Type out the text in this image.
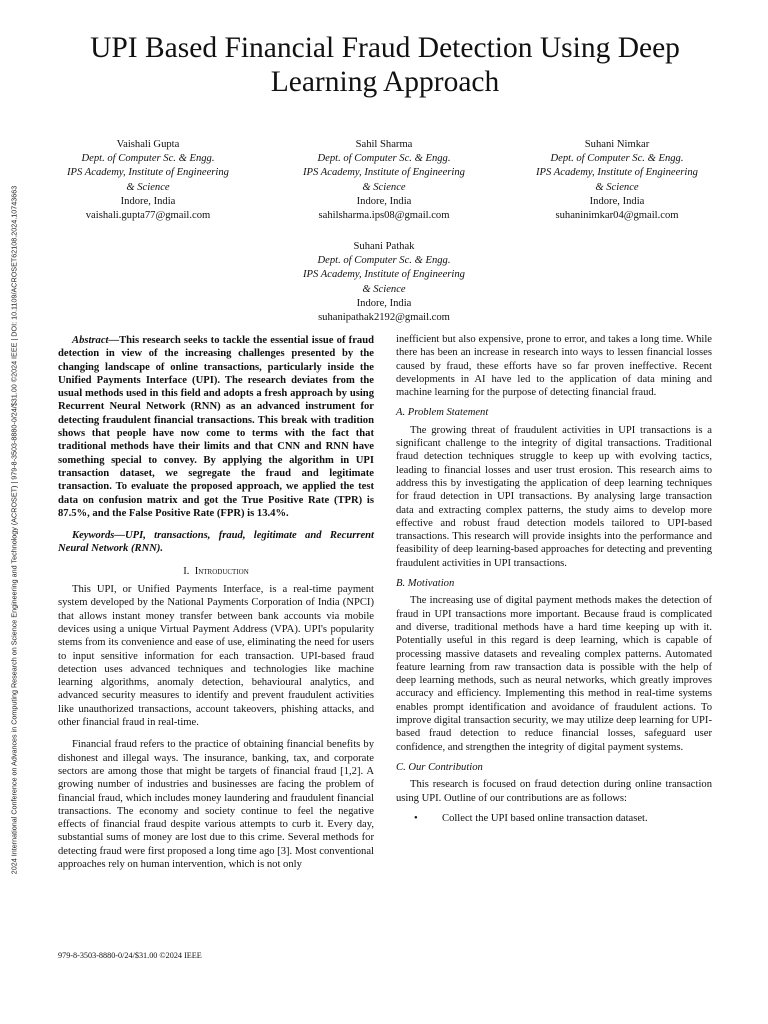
2024 International Conference on Advances in Computing Research on Science Engineering and Technology (ACROSET) | 979-8-3503-8880-0/24/$31.00 ©2024 IEEE | DOI: 10.1109/ACROSET62108.2024.10743663
UPI Based Financial Fraud Detection Using Deep
Learning Approach
Vaishali Gupta
Dept. of Computer Sc. & Engg.
IPS Academy, Institute of Engineering
& Science
Indore, India
vaishali.gupta77@gmail.com
Sahil Sharma
Dept. of Computer Sc. & Engg.
IPS Academy, Institute of Engineering
& Science
Indore, India
sahilsharma.ips08@gmail.com
Suhani Nimkar
Dept. of Computer Sc. & Engg.
IPS Academy, Institute of Engineering
& Science
Indore, India
suhaninimkar04@gmail.com
Suhani Pathak
Dept. of Computer Sc. & Engg.
IPS Academy, Institute of Engineering
& Science
Indore, India
suhanipathak2192@gmail.com

Abstract—This research seeks to tackle the essential issue of fraud detection in view of the increasing challenges presented by the changing landscape of online transactions, particularly inside the Unified Payments Interface (UPI). The research deviates from the usual methods used in this field and adopts a fresh approach by using Recurrent Neural Network (RNN) as an advanced instrument for detecting fraudulent financial transactions. This break with tradition shows that people have now come to terms with the fact that traditional methods have their limits and that CNN and RNN have something special to convey. By applying the algorithm in UPI transaction dataset, we segregate the fraud and legitimate transaction. To evaluate the proposed approach, we applied the test data on confusion matrix and got the True Positive Rate (TPR) is 87.5%, and the False Positive Rate (FPR) is 13.4%.

Keywords—UPI, transactions, fraud, legitimate and Recurrent Neural Network (RNN).

I. Introduction

This UPI, or Unified Payments Interface, is a real-time payment system developed by the National Payments Corporation of India (NPCI) that allows instant money transfer between bank accounts via mobile devices using a unique Virtual Payment Address (VPA). UPI's popularity stems from its convenience and ease of use, eliminating the need for users to input sensitive information for each transaction. UPI-based fraud detection uses advanced techniques and technologies like machine learning algorithms, anomaly detection, behavioural analytics, and advanced security measures to identify and prevent fraudulent activities like unauthorized transactions, account takeovers, phishing attacks, and other financial fraud in real-time.

Financial fraud refers to the practice of obtaining financial benefits by dishonest and illegal ways. The insurance, banking, tax, and corporate sectors are among those that might be targets of financial fraud [1,2]. A growing number of industries and businesses are facing the problem of financial fraud, which includes money laundering and fraudulent financial transactions. The economy and society continue to feel the negative effects of financial fraud despite various attempts to curb it. Every day, substantial sums of money are lost due to this crime. Several methods for detecting fraud were first proposed a long time ago [3]. Most conventional approaches rely on human intervention, which is not only

inefficient but also expensive, prone to error, and takes a long time. While there has been an increase in research into ways to lessen financial losses caused by fraud, these efforts have so far proven ineffective. Recent developments in AI have led to the application of data mining and machine learning for the purpose of detecting financial fraud.

A. Problem Statement

The growing threat of fraudulent activities in UPI transactions is a significant challenge to the integrity of digital transactions. Traditional fraud detection techniques struggle to keep up with evolving tactics, leading to financial losses and user trust erosion. This research aims to address this by investigating the application of deep learning techniques for fraud detection in UPI transactions. By analysing large transaction data and extracting complex patterns, the study aims to develop more effective and robust fraud detection models tailored to UPI-based transactions. This research will provide insights into the performance and feasibility of deep learning-based approaches for detecting and preventing fraudulent activities in UPI transactions.

B. Motivation

The increasing use of digital payment methods makes the detection of fraud in UPI transactions more important. Because fraud is complicated and diverse, traditional methods have a hard time keeping up with it. Potentially useful in this regard is deep learning, which is capable of processing massive datasets and revealing complex patterns. Automated feature learning from raw transaction data is possible with the help of deep learning methods, such as neural networks, which greatly improves accuracy and efficiency. Implementing this method in real-time systems enables prompt identification and avoidance of fraudulent actions. To improve digital transaction security, we may utilize deep learning for UPI-based fraud detection to reduce financial losses, safeguard user confidence, and strengthen the integrity of digital payment systems.

C. Our Contribution

This research is focused on fraud detection during online transaction using UPI. Outline of our contributions are as follows:

• Collect the UPI based online transaction dataset.

979-8-3503-8880-0/24/$31.00 ©2024 IEEE
